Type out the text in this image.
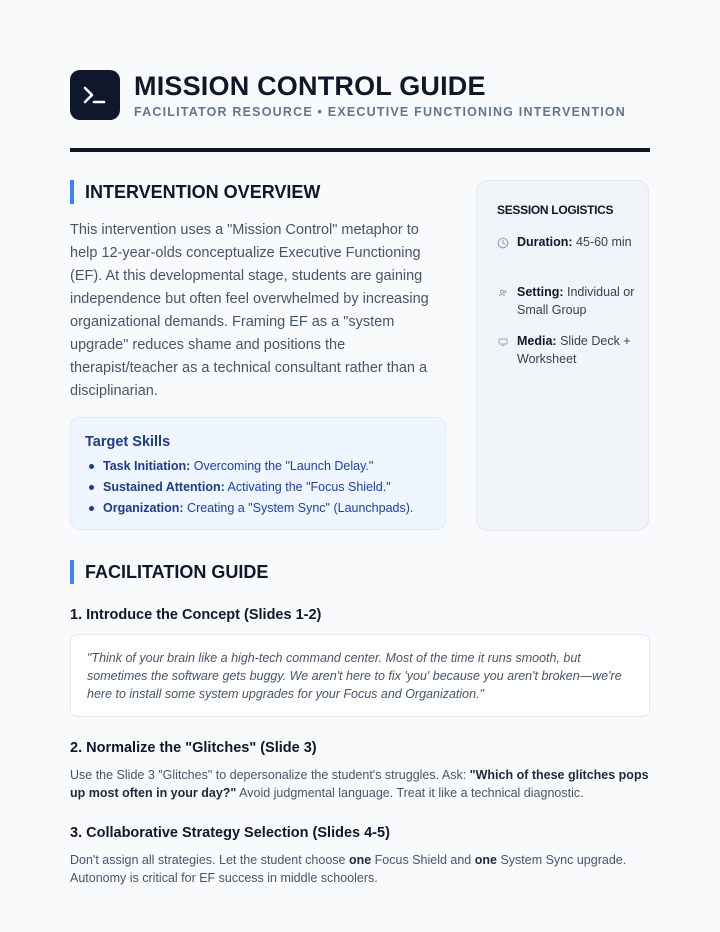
MISSION CONTROL GUIDE
FACILITATOR RESOURCE • EXECUTIVE FUNCTIONING INTERVENTION
INTERVENTION OVERVIEW
This intervention uses a "Mission Control" metaphor to help 12-year-olds conceptualize Executive Functioning (EF). At this developmental stage, students are gaining independence but often feel overwhelmed by increasing organizational demands. Framing EF as a "system upgrade" reduces shame and positions the therapist/teacher as a technical consultant rather than a disciplinarian.
Target Skills
Task Initiation: Overcoming the "Launch Delay."
Sustained Attention: Activating the "Focus Shield."
Organization: Creating a "System Sync" (Launchpads).
SESSION LOGISTICS
Duration: 45-60 min
Setting: Individual or Small Group
Media: Slide Deck + Worksheet
FACILITATION GUIDE
1. Introduce the Concept (Slides 1-2)
"Think of your brain like a high-tech command center. Most of the time it runs smooth, but sometimes the software gets buggy. We aren't here to fix 'you' because you aren't broken—we're here to install some system upgrades for your Focus and Organization."
2. Normalize the "Glitches" (Slide 3)
Use the Slide 3 "Glitches" to depersonalize the student's struggles. Ask: "Which of these glitches pops up most often in your day?" Avoid judgmental language. Treat it like a technical diagnostic.
3. Collaborative Strategy Selection (Slides 4-5)
Don't assign all strategies. Let the student choose one Focus Shield and one System Sync upgrade. Autonomy is critical for EF success in middle schoolers.
